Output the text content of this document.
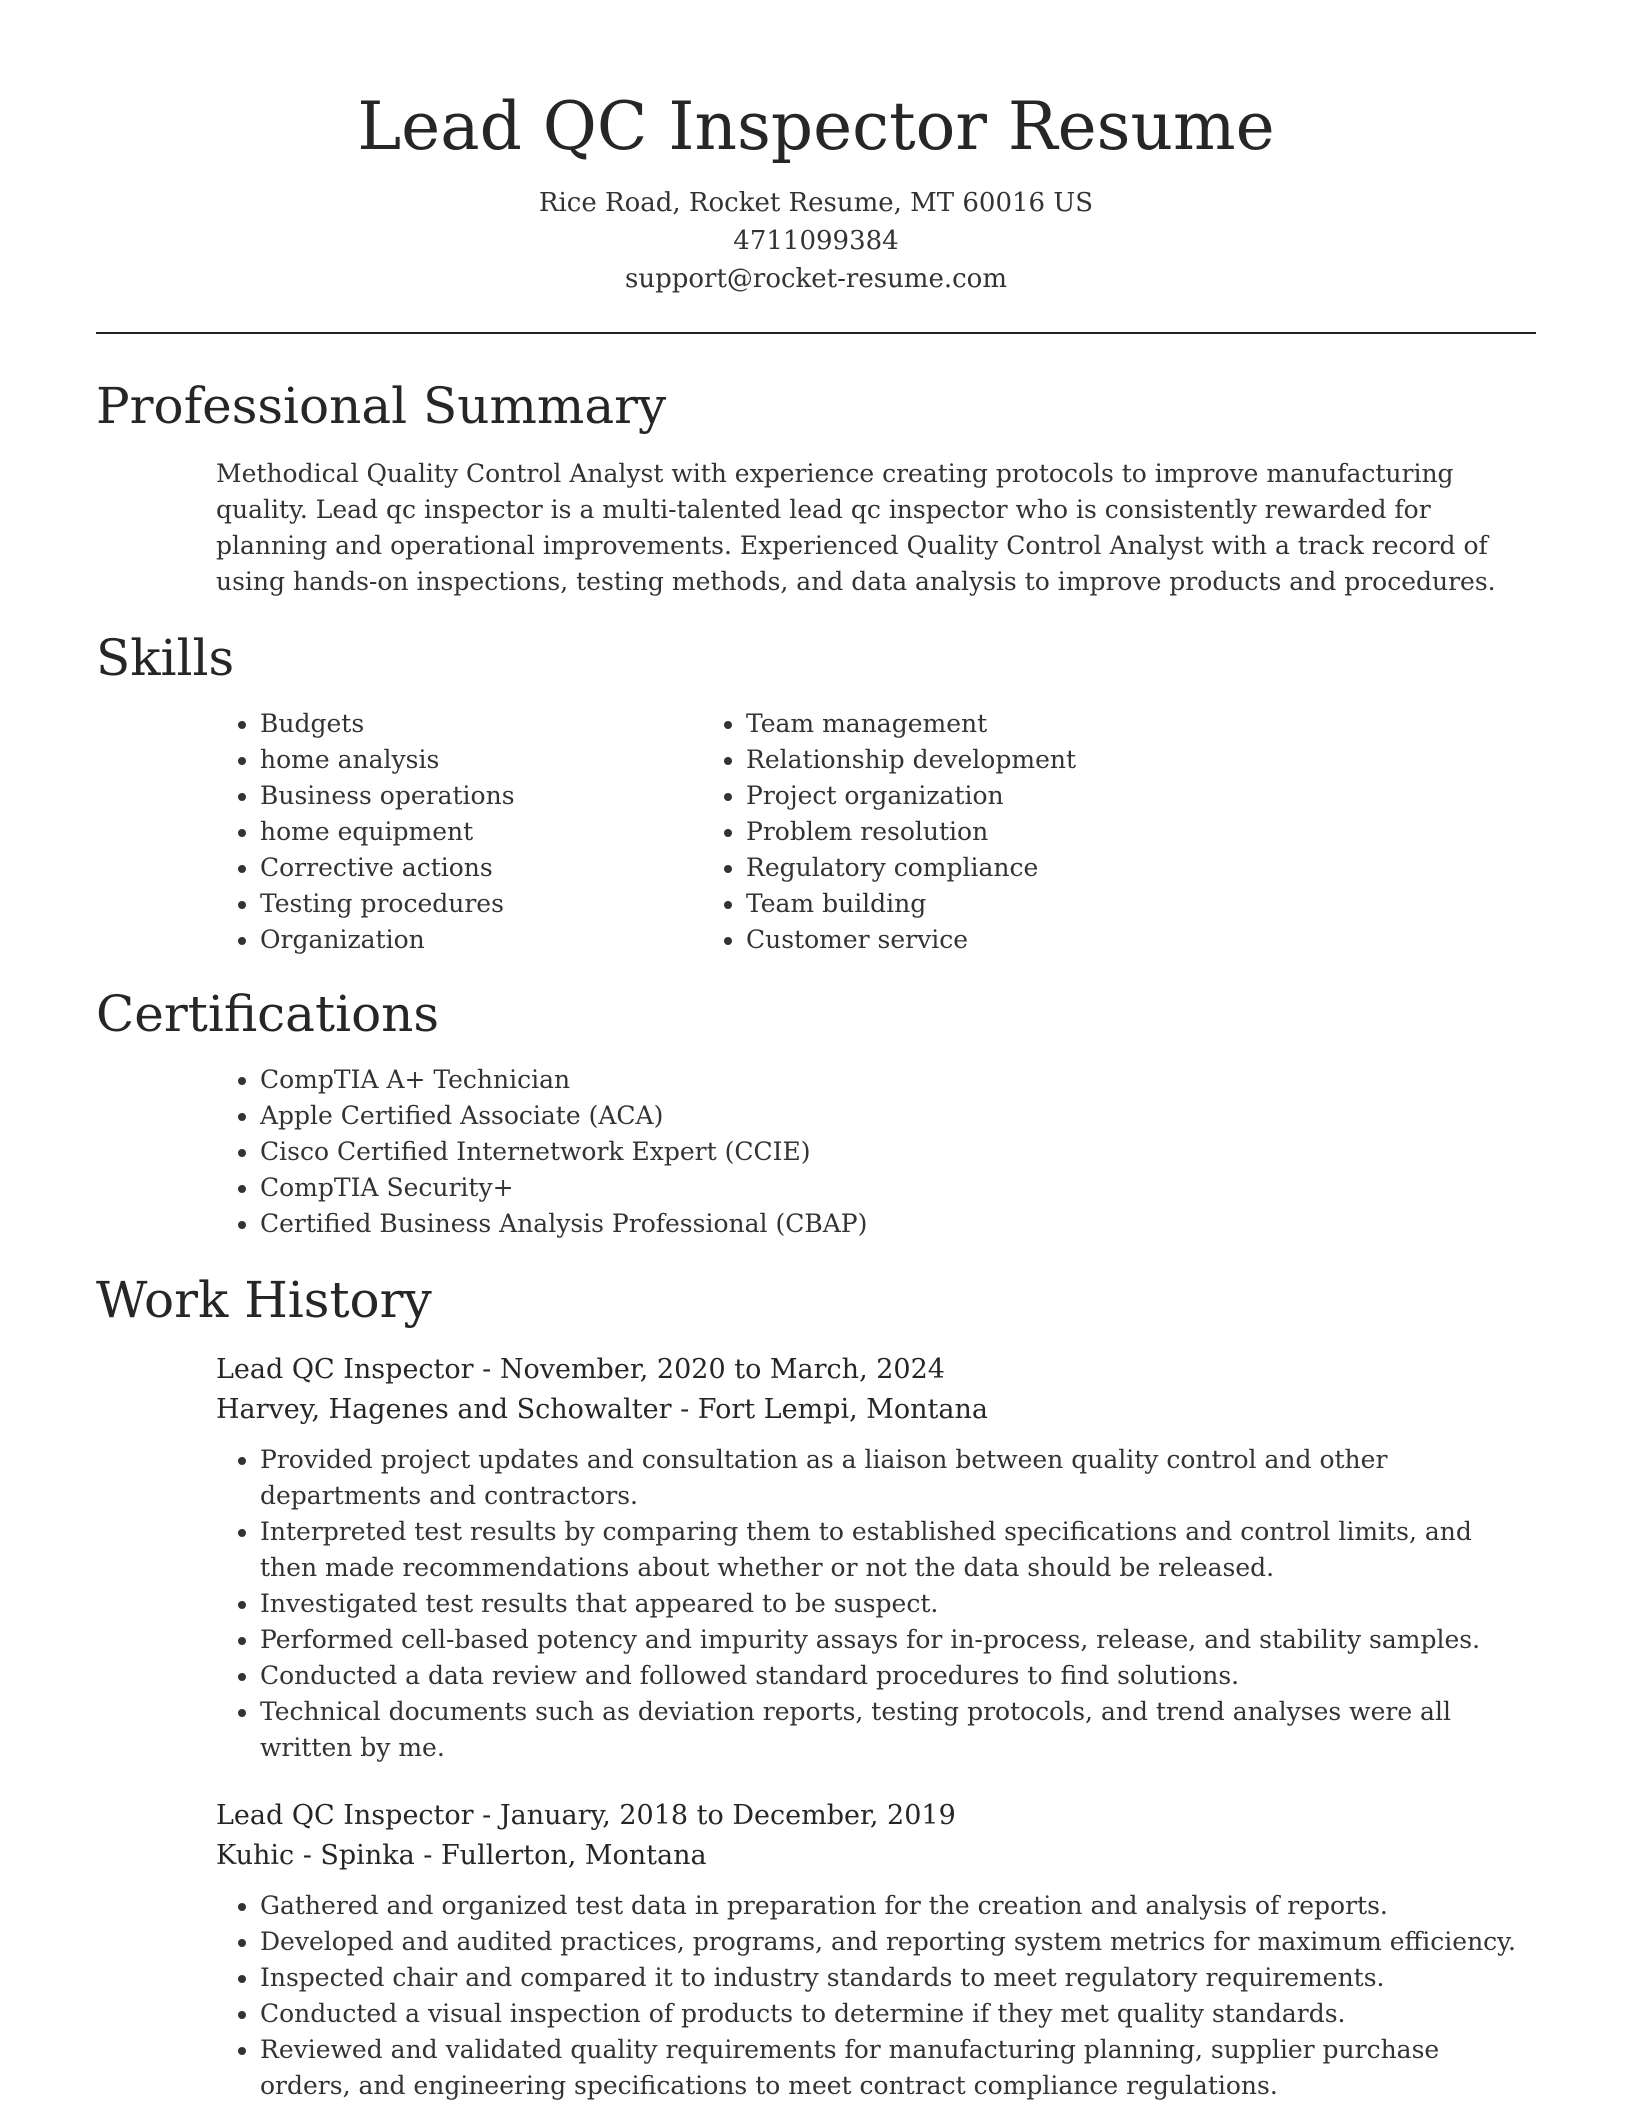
Lead QC Inspector Resume
Rice Road, Rocket Resume, MT 60016 US
4711099384
support@rocket-resume.com
Professional Summary

Methodical Quality Control Analyst with experience creating protocols to improve manufacturing quality. Lead qc inspector is a multi-talented lead qc inspector who is consistently rewarded for planning and operational improvements. Experienced Quality Control Analyst with a track record of using hands-on inspections, testing methods, and data analysis to improve products and procedures.

Skills
• Budgets
• home analysis
• Business operations
• home equipment
• Corrective actions
• Testing procedures
• Organization
• Team management
• Relationship development
• Project organization
• Problem resolution
• Regulatory compliance
• Team building
• Customer service
Certifications
• CompTIA A+ Technician
• Apple Certified Associate (ACA)
• Cisco Certified Internetwork Expert (CCIE)
• CompTIA Security+
• Certified Business Analysis Professional (CBAP)
Work History
Lead QC Inspector - November, 2020 to March, 2024
Harvey, Hagenes and Schowalter - Fort Lempi, Montana
• Provided project updates and consultation as a liaison between quality control and other departments and contractors.
• Interpreted test results by comparing them to established specifications and control limits, and then made recommendations about whether or not the data should be released.
• Investigated test results that appeared to be suspect.
• Performed cell-based potency and impurity assays for in-process, release, and stability samples.
• Conducted a data review and followed standard procedures to find solutions.
• Technical documents such as deviation reports, testing protocols, and trend analyses were all written by me.
Lead QC Inspector - January, 2018 to December, 2019
Kuhic - Spinka - Fullerton, Montana
• Gathered and organized test data in preparation for the creation and analysis of reports.
• Developed and audited practices, programs, and reporting system metrics for maximum efficiency.
• Inspected chair and compared it to industry standards to meet regulatory requirements.
• Conducted a visual inspection of products to determine if they met quality standards.
• Reviewed and validated quality requirements for manufacturing planning, supplier purchase orders, and engineering specifications to meet contract compliance regulations.
